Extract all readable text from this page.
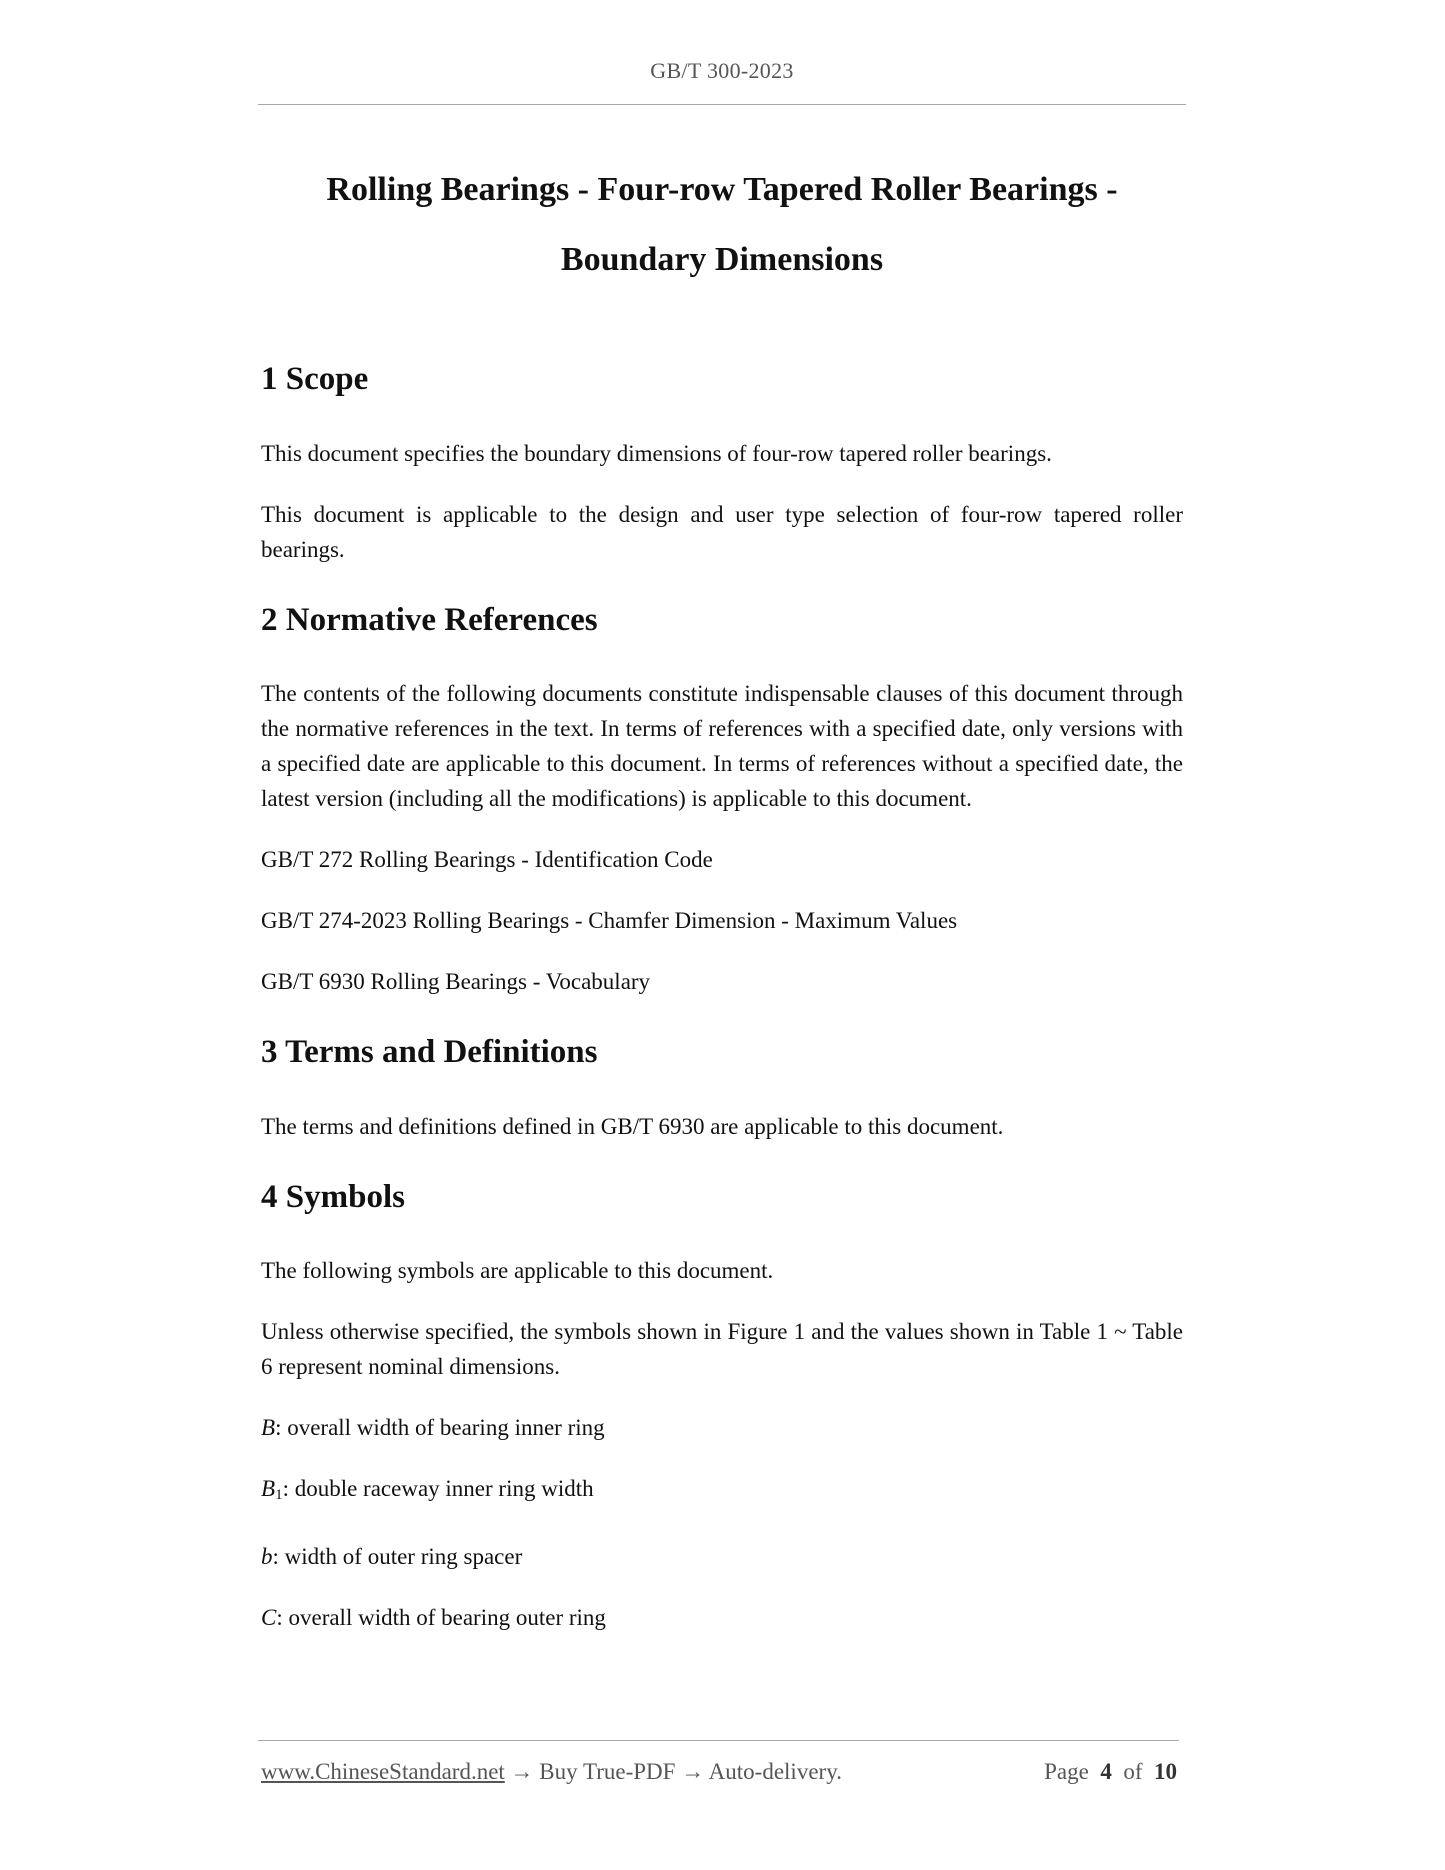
GB/T 300-2023
Rolling Bearings - Four-row Tapered Roller Bearings -
Boundary Dimensions
1 Scope

This document specifies the boundary dimensions of four-row tapered roller bearings.

This document is applicable to the design and user type selection of four-row tapered roller bearings.

2 Normative References

The contents of the following documents constitute indispensable clauses of this document through the normative references in the text. In terms of references with a specified date, only versions with a specified date are applicable to this document. In terms of references without a specified date, the latest version (including all the modifications) is applicable to this document.

GB/T 272 Rolling Bearings - Identification Code

GB/T 274-2023 Rolling Bearings - Chamfer Dimension - Maximum Values

GB/T 6930 Rolling Bearings - Vocabulary

3 Terms and Definitions

The terms and definitions defined in GB/T 6930 are applicable to this document.

4 Symbols

The following symbols are applicable to this document.

Unless otherwise specified, the symbols shown in Figure 1 and the values shown in Table 1 ~ Table 6 represent nominal dimensions.

B: overall width of bearing inner ring

$B_1$: double raceway inner ring width

b: width of outer ring spacer

C: overall width of bearing outer ring

www.ChineseStandard.net → Buy True-PDF → Auto-delivery.	Page 4 of 10
